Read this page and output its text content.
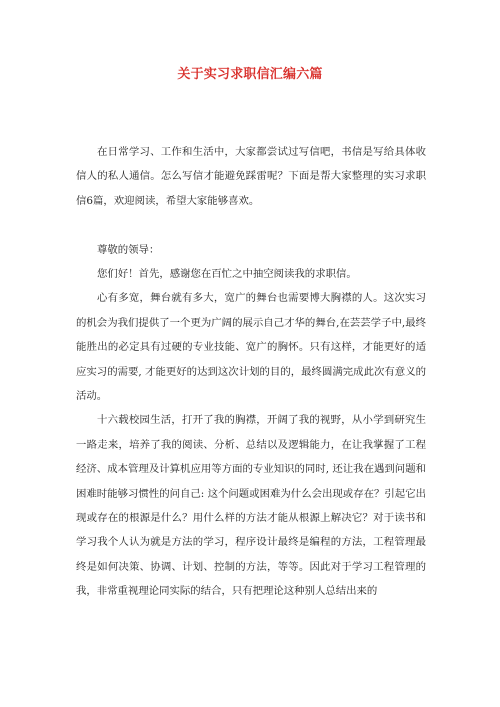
关于实习求职信汇编六篇

在日常学习、工作和生活中，大家都尝试过写信吧，书信是写给具体收信人的私人通信。怎么写信才能避免踩雷呢？下面是帮大家整理的实习求职信6篇，欢迎阅读，希望大家能够喜欢。

尊敬的领导：

您们好！首先，感谢您在百忙之中抽空阅读我的求职信。

心有多宽，舞台就有多大，宽广的舞台也需要博大胸襟的人。这次实习的机会为我们提供了一个更为广阔的展示自己才华的舞台,在芸芸学子中,最终能胜出的必定具有过硬的专业技能、宽广的胸怀。只有这样，才能更好的适应实习的需要, 才能更好的达到这次计划的目的，最终圆满完成此次有意义的活动。

十六载校园生活，打开了我的胸襟，开阔了我的视野，从小学到研究生一路走来，培养了我的阅读、分析、总结以及逻辑能力，在让我掌握了工程经济、成本管理及计算机应用等方面的专业知识的同时, 还让我在遇到问题和困难时能够习惯性的问自己: 这个问题或困难为什么会出现或存在？引起它出现或存在的根源是什么？用什么样的方法才能从根源上解决它？对于读书和学习我个人认为就是方法的学习，程序设计最终是编程的方法，工程管理最终是如何决策、协调、计划、控制的方法，等等。因此对于学习工程管理的我，非常重视理论同实际的结合，只有把理论这种别人总结出来的
